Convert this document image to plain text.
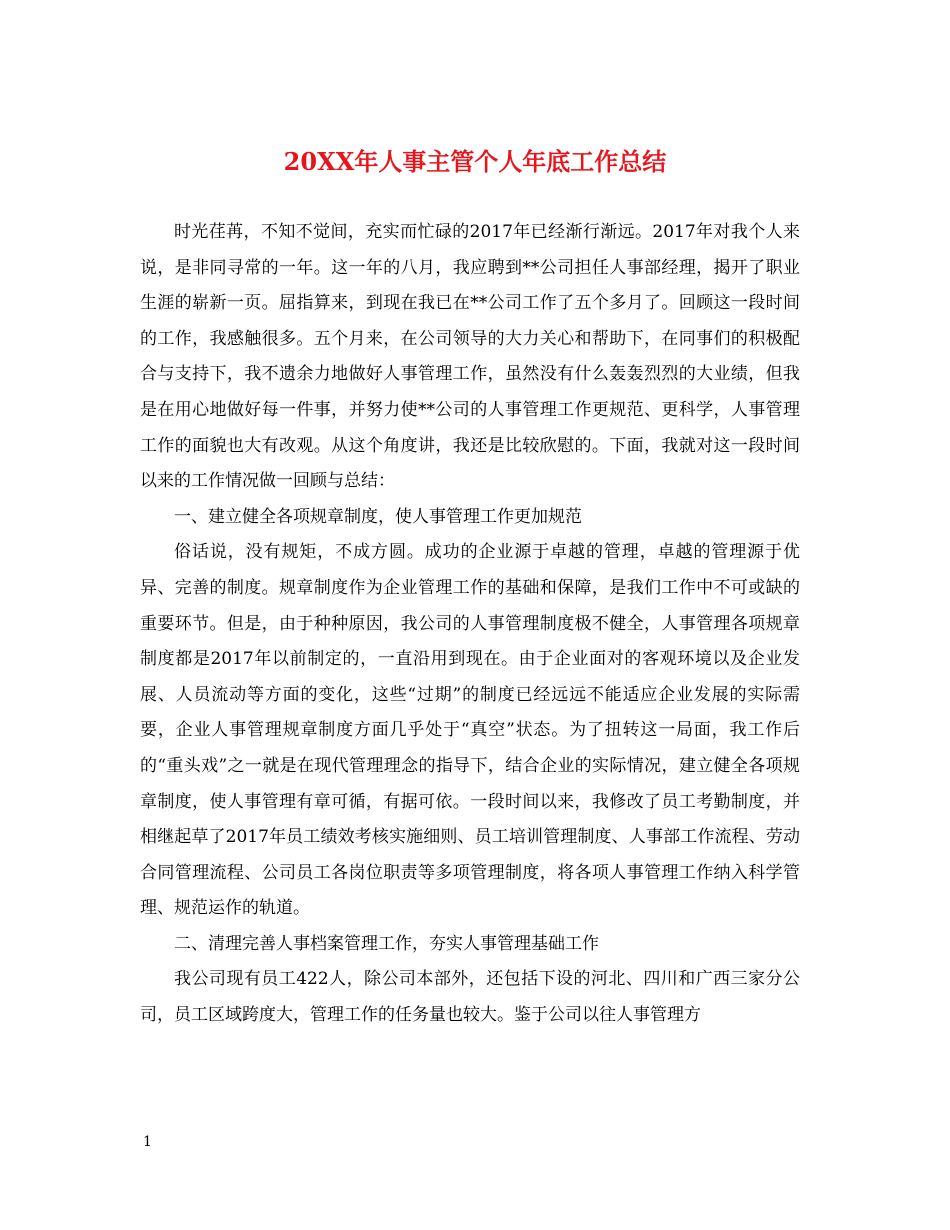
20XX年人事主管个人年底工作总结

时光荏苒，不知不觉间，充实而忙碌的2017年已经渐行渐远。2017年对我个人来说，是非同寻常的一年。这一年的八月，我应聘到**公司担任人事部经理，揭开了职业生涯的崭新一页。屈指算来，到现在我已在**公司工作了五个多月了。回顾这一段时间的工作，我感触很多。五个月来，在公司领导的大力关心和帮助下，在同事们的积极配合与支持下，我不遗余力地做好人事管理工作，虽然没有什么轰轰烈烈的大业绩，但我是在用心地做好每一件事，并努力使**公司的人事管理工作更规范、更科学，人事管理工作的面貌也大有改观。从这个角度讲，我还是比较欣慰的。下面，我就对这一段时间以来的工作情况做一回顾与总结：

一、建立健全各项规章制度，使人事管理工作更加规范

俗话说，没有规矩，不成方圆。成功的企业源于卓越的管理，卓越的管理源于优异、完善的制度。规章制度作为企业管理工作的基础和保障，是我们工作中不可或缺的重要环节。但是，由于种种原因，我公司的人事管理制度极不健全，人事管理各项规章制度都是2017年以前制定的，一直沿用到现在。由于企业面对的客观环境以及企业发展、人员流动等方面的变化，这些“过期”的制度已经远远不能适应企业发展的实际需要，企业人事管理规章制度方面几乎处于“真空”状态。为了扭转这一局面，我工作后的“重头戏”之一就是在现代管理理念的指导下，结合企业的实际情况，建立健全各项规章制度，使人事管理有章可循，有据可依。一段时间以来，我修改了员工考勤制度，并相继起草了2017年员工绩效考核实施细则、员工培训管理制度、人事部工作流程、劳动合同管理流程、公司员工各岗位职责等多项管理制度，将各项人事管理工作纳入科学管理、规范运作的轨道。

二、清理完善人事档案管理工作，夯实人事管理基础工作

我公司现有员工422人，除公司本部外，还包括下设的河北、四川和广西三家分公司，员工区域跨度大，管理工作的任务量也较大。鉴于公司以往人事管理方

1
